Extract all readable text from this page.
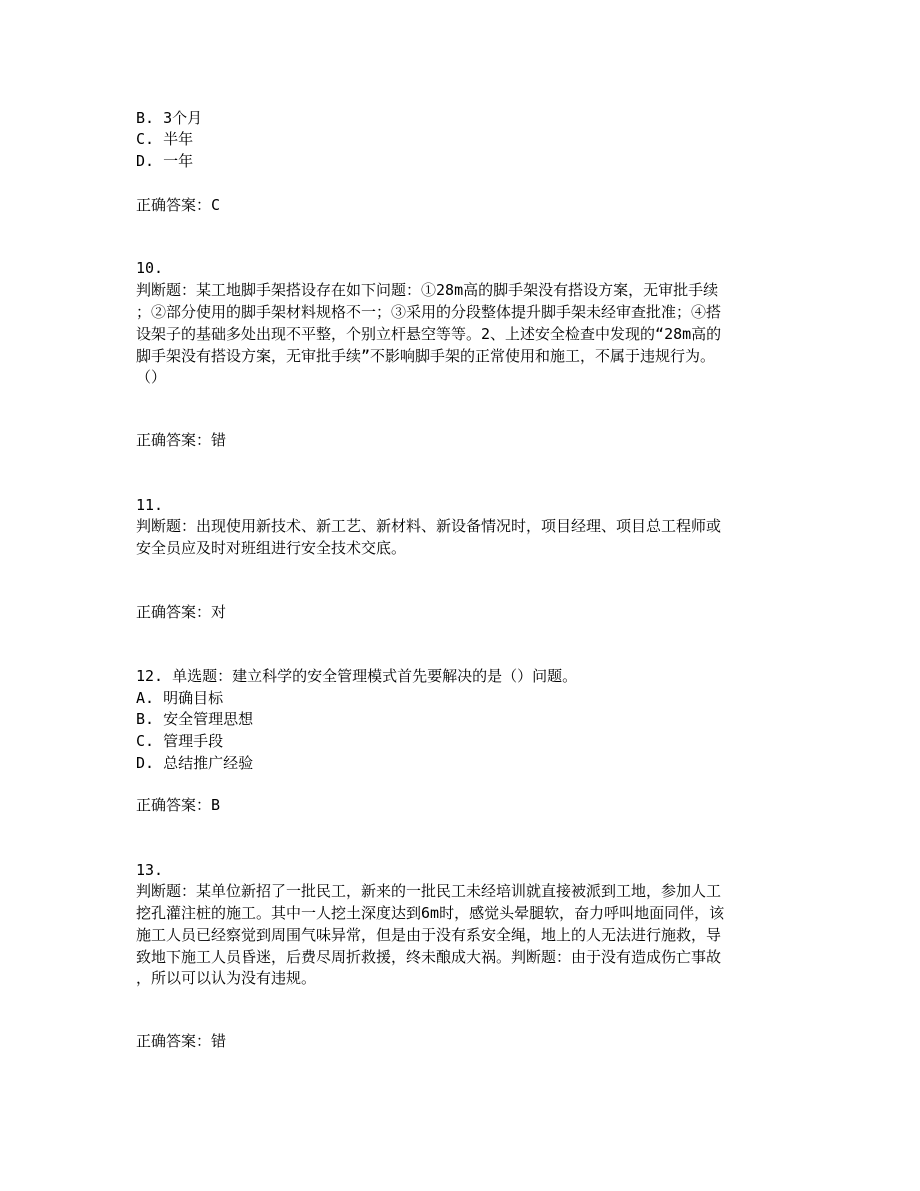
B. 3个月
C. 半年
D. 一年
正确答案：C
10.
判断题：某工地脚手架搭设存在如下问题：①28m高的脚手架没有搭设方案，无审批手续
；②部分使用的脚手架材料规格不一；③采用的分段整体提升脚手架未经审查批准；④搭
设架子的基础多处出现不平整，个别立杆悬空等等。2、上述安全检查中发现的“28m高的
脚手架没有搭设方案，无审批手续”不影响脚手架的正常使用和施工，不属于违规行为。
（）
正确答案：错
11.
判断题：出现使用新技术、新工艺、新材料、新设备情况时，项目经理、项目总工程师或
安全员应及时对班组进行安全技术交底。
正确答案：对
12. 单选题：建立科学的安全管理模式首先要解决的是（）问题。
A. 明确目标
B. 安全管理思想
C. 管理手段
D. 总结推广经验
正确答案：B
13.
判断题：某单位新招了一批民工，新来的一批民工未经培训就直接被派到工地，参加人工
挖孔灌注桩的施工。其中一人挖土深度达到6m时，感觉头晕腿软，奋力呼叫地面同伴，该
施工人员已经察觉到周围气味异常，但是由于没有系安全绳，地上的人无法进行施救，导
致地下施工人员昏迷，后费尽周折救援，终未酿成大祸。判断题：由于没有造成伤亡事故
，所以可以认为没有违规。
正确答案：错
